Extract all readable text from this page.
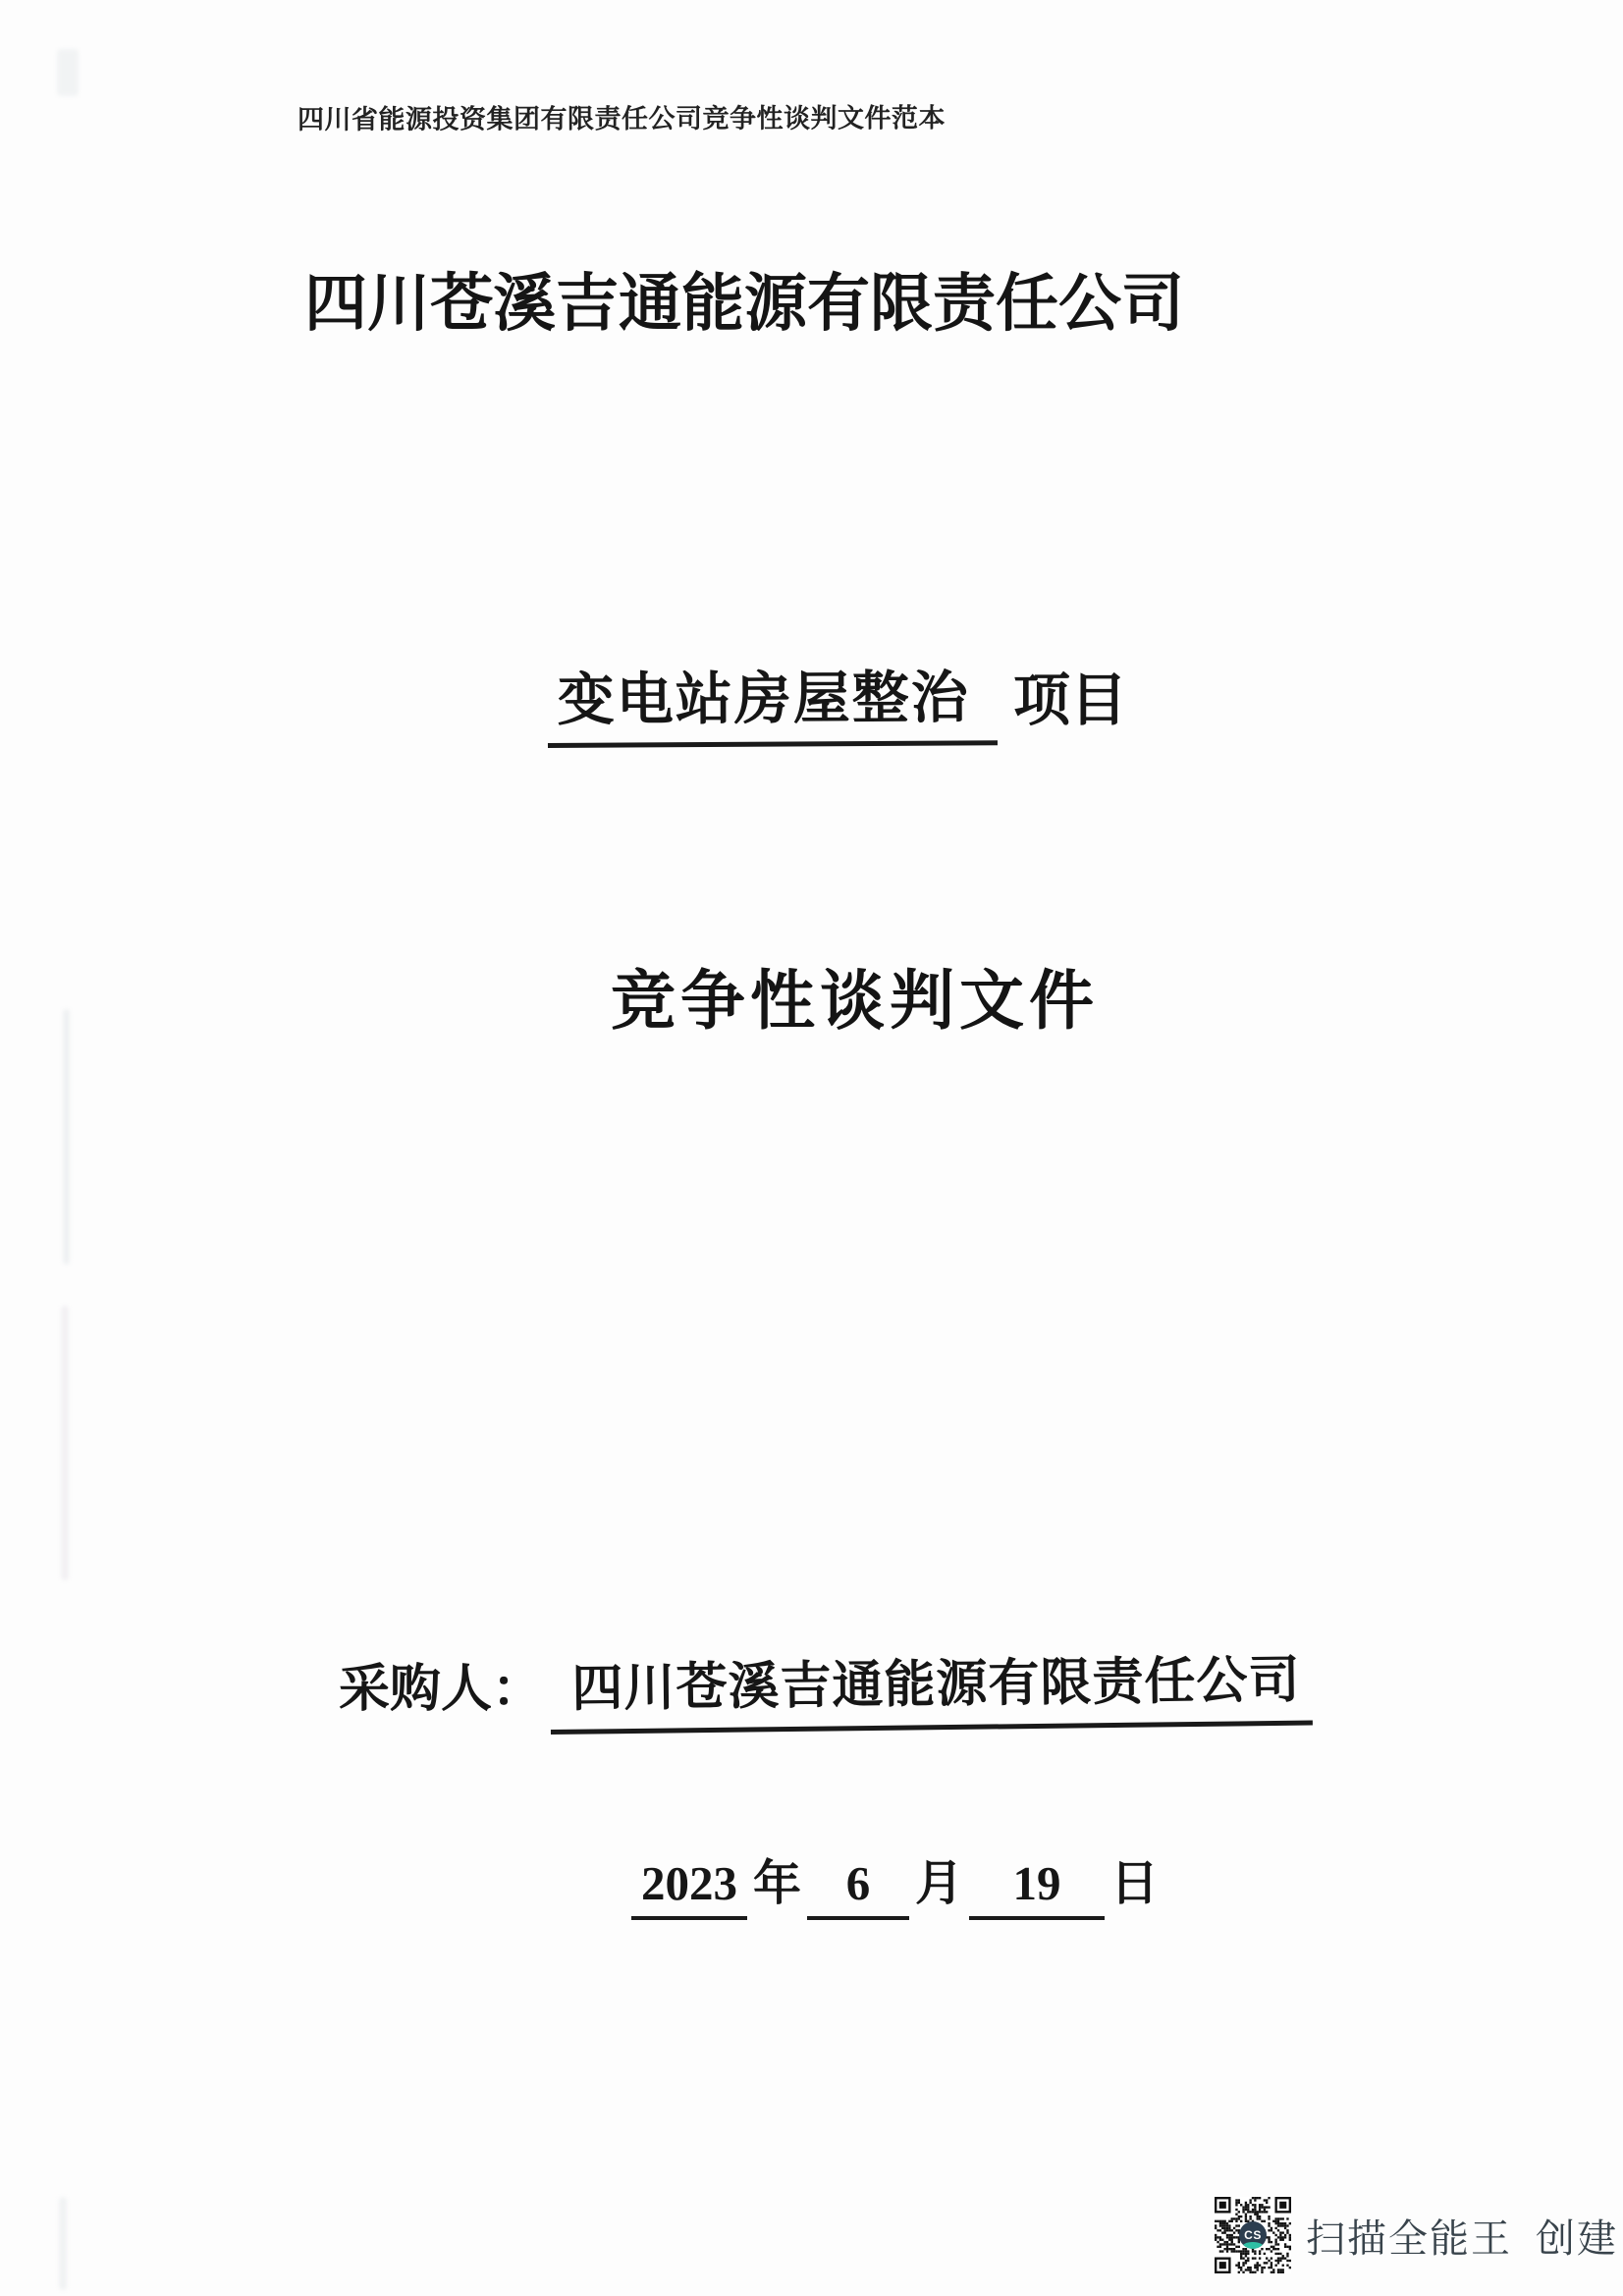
四川省能源投资集团有限责任公司竞争性谈判文件范本
四川苍溪吉通能源有限责任公司
变电站房屋整治 项目
竞争性谈判文件
采购人： 四川苍溪吉通能源有限责任公司
2023 年 6 月 19 日
CS 扫描全能王 创建
